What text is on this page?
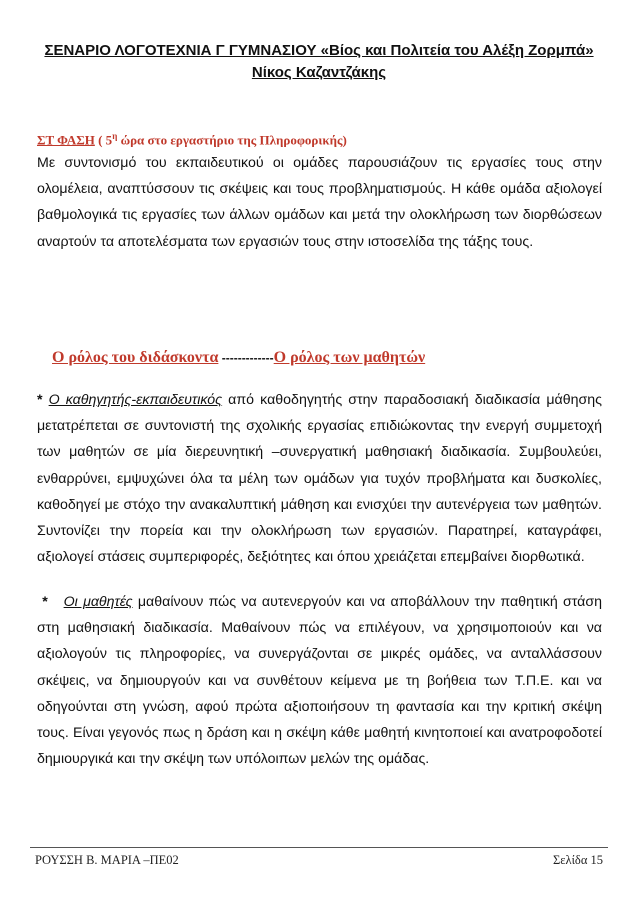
ΣΕΝΑΡΙΟ ΛΟΓΟΤΕΧΝΙΑ Γ ΓΥΜΝΑΣΙΟΥ «Βίος και Πολιτεία του Αλέξη Ζορμπά»
Νίκος Καζαντζάκης
ΣΤ ΦΑΣΗ ( $5^\eta$ ώρα στο εργαστήριο της Πληροφορικής)
Με συντονισμό του εκπαιδευτικού οι ομάδες παρουσιάζουν τις εργασίες τους στην ολομέλεια, αναπτύσσουν τις σκέψεις και τους προβληματισμούς. Η κάθε ομάδα αξιολογεί βαθμολογικά τις εργασίες των άλλων ομάδων και μετά την ολοκλήρωση των διορθώσεων αναρτούν τα αποτελέσματα των εργασιών τους στην ιστοσελίδα της τάξης τους.
Ο ρόλος του διδάσκοντα -------------Ο ρόλος των μαθητών
* Ο καθηγητής-εκπαιδευτικός από καθοδηγητής στην παραδοσιακή διαδικασία μάθησης μετατρέπεται σε συντονιστή της σχολικής εργασίας επιδιώκοντας την ενεργή συμμετοχή των μαθητών σε μία διερευνητική –συνεργατική μαθησιακή διαδικασία. Συμβουλεύει, ενθαρρύνει, εμψυχώνει όλα τα μέλη των ομάδων για τυχόν προβλήματα και δυσκολίες, καθοδηγεί με στόχο την ανακαλυπτική μάθηση και ενισχύει την αυτενέργεια των μαθητών. Συντονίζει την πορεία και την ολοκλήρωση των εργασιών. Παρατηρεί, καταγράφει, αξιολογεί στάσεις συμπεριφορές, δεξιότητες και όπου χρειάζεται επεμβαίνει διορθωτικά.
*   Οι μαθητές μαθαίνουν πώς να αυτενεργούν και να αποβάλλουν την παθητική στάση στη μαθησιακή διαδικασία. Μαθαίνουν πώς να επιλέγουν, να χρησιμοποιούν και να αξιολογούν τις πληροφορίες, να συνεργάζονται σε μικρές ομάδες, να ανταλλάσσουν σκέψεις, να δημιουργούν και να συνθέτουν κείμενα με τη βοήθεια των Τ.Π.Ε. και να οδηγούνται στη γνώση, αφού πρώτα αξιοποιήσουν τη φαντασία και την κριτική σκέψη τους. Είναι γεγονός πως η δράση και η σκέψη κάθε μαθητή κινητοποιεί και ανατροφοδοτεί δημιουργικά και την σκέψη των υπόλοιπων μελών της ομάδας.
ΡΟΥΣΣΗ Β. ΜΑΡΙΑ –ΠΕ02	Σελίδα 15
